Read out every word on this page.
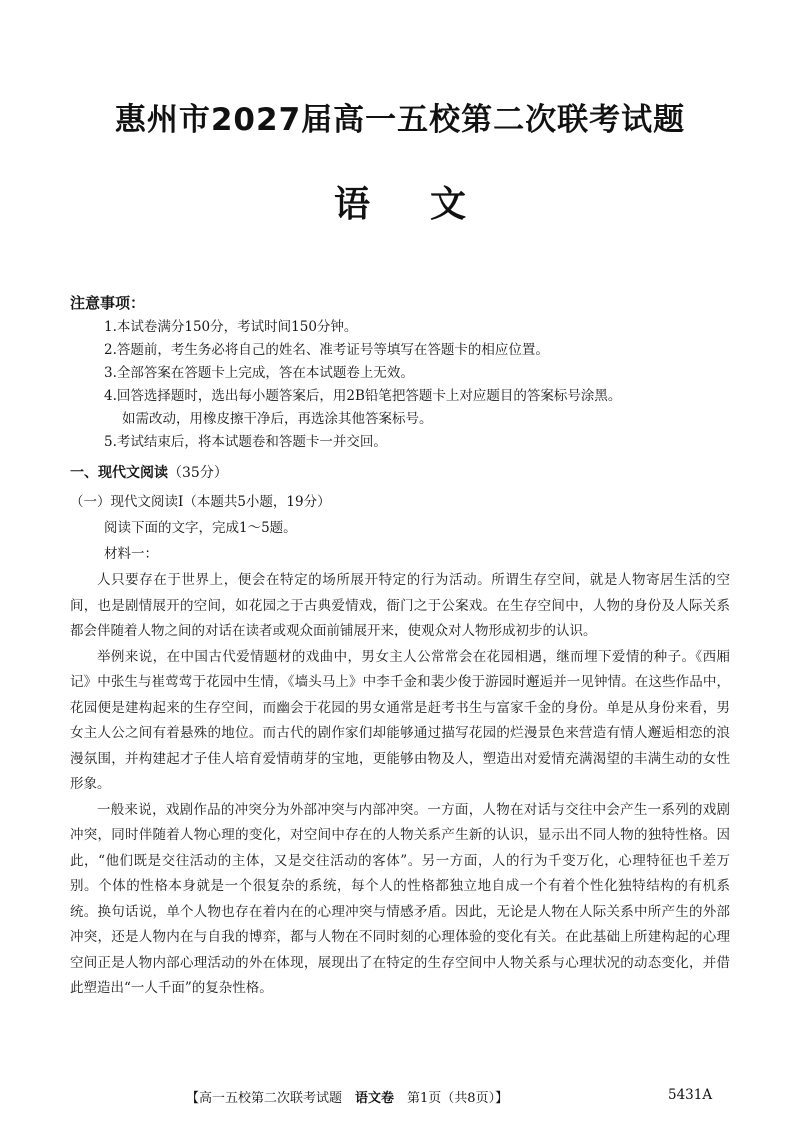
惠州市2027届高一五校第二次联考试题
语文
注意事项：
1.本试卷满分150分，考试时间150分钟。
2.答题前，考生务必将自己的姓名、准考证号等填写在答题卡的相应位置。
3.全部答案在答题卡上完成，答在本试题卷上无效。
4.回答选择题时，选出每小题答案后，用2B铅笔把答题卡上对应题目的答案标号涂黑。
如需改动，用橡皮擦干净后，再选涂其他答案标号。
5.考试结束后，将本试题卷和答题卡一并交回。
一、现代文阅读（35分）
（一）现代文阅读Ⅰ（本题共5小题，19分）
阅读下面的文字，完成1～5题。
材料一：

人只要存在于世界上，便会在特定的场所展开特定的行为活动。所谓生存空间，就是人物寄居生活的空间，也是剧情展开的空间，如花园之于古典爱情戏，衙门之于公案戏。在生存空间中，人物的身份及人际关系都会伴随着人物之间的对话在读者或观众面前铺展开来，使观众对人物形成初步的认识。

举例来说，在中国古代爱情题材的戏曲中，男女主人公常常会在花园相遇，继而埋下爱情的种子。《西厢记》中张生与崔莺莺于花园中生情，《墙头马上》中李千金和裴少俊于游园时邂逅并一见钟情。在这些作品中，花园便是建构起来的生存空间，而幽会于花园的男女通常是赶考书生与富家千金的身份。单是从身份来看，男女主人公之间有着悬殊的地位。而古代的剧作家们却能够通过描写花园的烂漫景色来营造有情人邂逅相恋的浪漫氛围，并构建起才子佳人培育爱情萌芽的宝地，更能够由物及人，塑造出对爱情充满渴望的丰满生动的女性形象。

一般来说，戏剧作品的冲突分为外部冲突与内部冲突。一方面，人物在对话与交往中会产生一系列的戏剧冲突，同时伴随着人物心理的变化，对空间中存在的人物关系产生新的认识，显示出不同人物的独特性格。因此，“他们既是交往活动的主体，又是交往活动的客体”。另一方面，人的行为千变万化，心理特征也千差万别。个体的性格本身就是一个很复杂的系统，每个人的性格都独立地自成一个有着个性化独特结构的有机系统。换句话说，单个人物也存在着内在的心理冲突与情感矛盾。因此，无论是人物在人际关系中所产生的外部冲突，还是人物内在与自我的博弈，都与人物在不同时刻的心理体验的变化有关。在此基础上所建构起的心理空间正是人物内部心理活动的外在体现，展现出了在特定的生存空间中人物关系与心理状况的动态变化，并借此塑造出“一人千面”的复杂性格。

【高一五校第二次联考试题  语文卷  第1页（共8页）】	5431A
